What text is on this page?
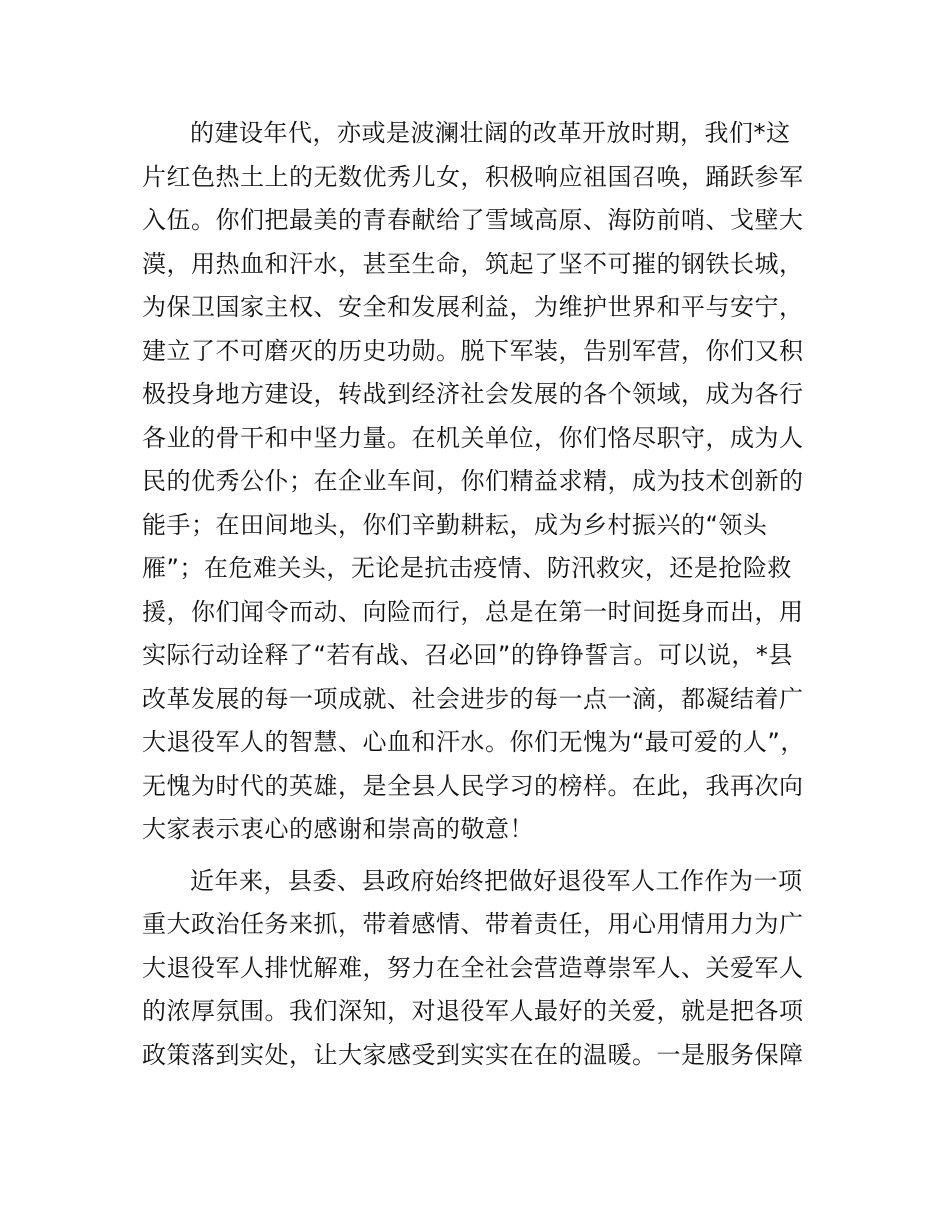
的建设年代，亦或是波澜壮阔的改革开放时期，我们*这
片红色热土上的无数优秀儿女，积极响应祖国召唤，踊跃参军
入伍。你们把最美的青春献给了雪域高原、海防前哨、戈壁大
漠，用热血和汗水，甚至生命，筑起了坚不可摧的钢铁长城，
为保卫国家主权、安全和发展利益，为维护世界和平与安宁，
建立了不可磨灭的历史功勋。脱下军装，告别军营，你们又积
极投身地方建设，转战到经济社会发展的各个领域，成为各行
各业的骨干和中坚力量。在机关单位，你们恪尽职守，成为人
民的优秀公仆；在企业车间，你们精益求精，成为技术创新的
能手；在田间地头，你们辛勤耕耘，成为乡村振兴的“领头
雁”；在危难关头，无论是抗击疫情、防汛救灾，还是抢险救
援，你们闻令而动、向险而行，总是在第一时间挺身而出，用
实际行动诠释了“若有战、召必回”的铮铮誓言。可以说，*县
改革发展的每一项成就、社会进步的每一点一滴，都凝结着广
大退役军人的智慧、心血和汗水。你们无愧为“最可爱的人”，
无愧为时代的英雄，是全县人民学习的榜样。在此，我再次向
大家表示衷心的感谢和崇高的敬意！
近年来，县委、县政府始终把做好退役军人工作作为一项
重大政治任务来抓，带着感情、带着责任，用心用情用力为广
大退役军人排忧解难，努力在全社会营造尊崇军人、关爱军人
的浓厚氛围。我们深知，对退役军人最好的关爱，就是把各项
政策落到实处，让大家感受到实实在在的温暖。一是服务保障
